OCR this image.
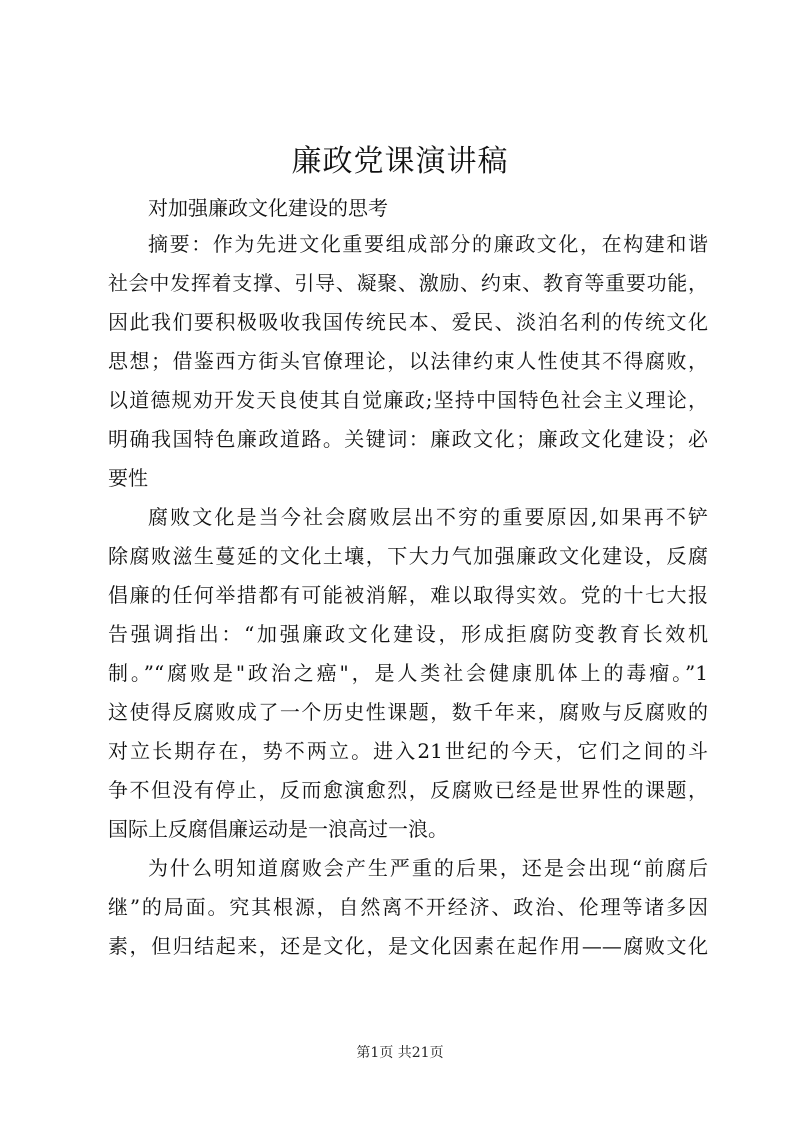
廉政党课演讲稿
对加强廉政文化建设的思考
摘要：作为先进文化重要组成部分的廉政文化，在构建和谐
社会中发挥着支撑、引导、凝聚、激励、约束、教育等重要功能，
因此我们要积极吸收我国传统民本、爱民、淡泊名利的传统文化
思想；借鉴西方街头官僚理论，以法律约束人性使其不得腐败，
以道德规劝开发天良使其自觉廉政;坚持中国特色社会主义理论，
明确我国特色廉政道路。关键词：廉政文化；廉政文化建设；必
要性
腐败文化是当今社会腐败层出不穷的重要原因,如果再不铲
除腐败滋生蔓延的文化土壤，下大力气加强廉政文化建设，反腐
倡廉的任何举措都有可能被消解，难以取得实效。党的十七大报
告强调指出：“加强廉政文化建设，形成拒腐防变教育长效机
制。”“腐败是"政治之癌"，是人类社会健康肌体上的毒瘤。”1
这使得反腐败成了一个历史性课题，数千年来，腐败与反腐败的
对立长期存在，势不两立。进入21世纪的今天，它们之间的斗
争不但没有停止，反而愈演愈烈，反腐败已经是世界性的课题，
国际上反腐倡廉运动是一浪高过一浪。
为什么明知道腐败会产生严重的后果，还是会出现“前腐后
继”的局面。究其根源，自然离不开经济、政治、伦理等诸多因
素，但归结起来，还是文化，是文化因素在起作用——腐败文化
第1页 共21页
